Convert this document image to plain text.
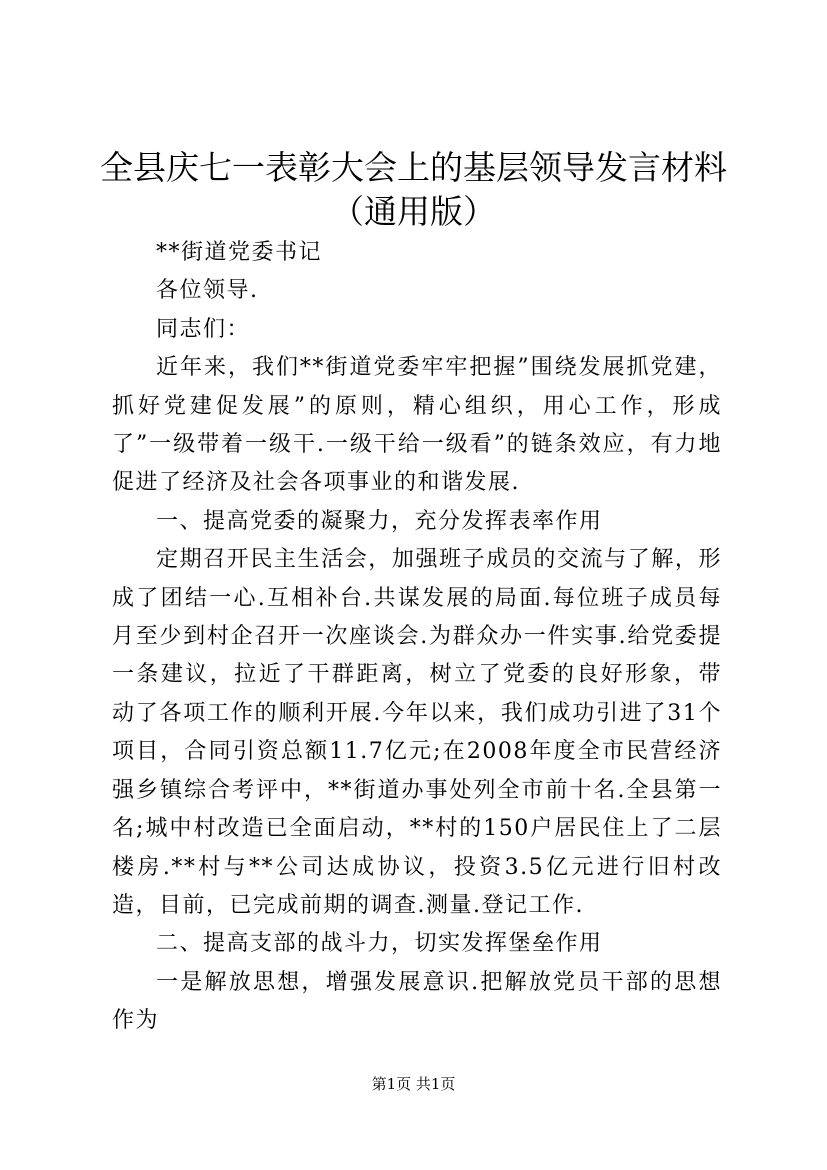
全县庆七一表彰大会上的基层领导发言材料
（通用版）

**街道党委书记

各位领导.

同志们：

近年来，我们**街道党委牢牢把握”围绕发展抓党建，抓好党建促发展”的原则，精心组织，用心工作，形成了”一级带着一级干.一级干给一级看”的链条效应，有力地促进了经济及社会各项事业的和谐发展.

一、提高党委的凝聚力，充分发挥表率作用

定期召开民主生活会，加强班子成员的交流与了解，形成了团结一心.互相补台.共谋发展的局面.每位班子成员每月至少到村企召开一次座谈会.为群众办一件实事.给党委提一条建议，拉近了干群距离，树立了党委的良好形象，带动了各项工作的顺利开展.今年以来，我们成功引进了31个项目，合同引资总额11.7亿元;在2008年度全市民营经济强乡镇综合考评中，**街道办事处列全市前十名.全县第一名;城中村改造已全面启动，**村的150户居民住上了二层楼房.**村与**公司达成协议，投资3.5亿元进行旧村改造，目前，已完成前期的调查.测量.登记工作.

二、提高支部的战斗力，切实发挥堡垒作用

一是解放思想，增强发展意识.把解放党员干部的思想作为

第1页 共1页
